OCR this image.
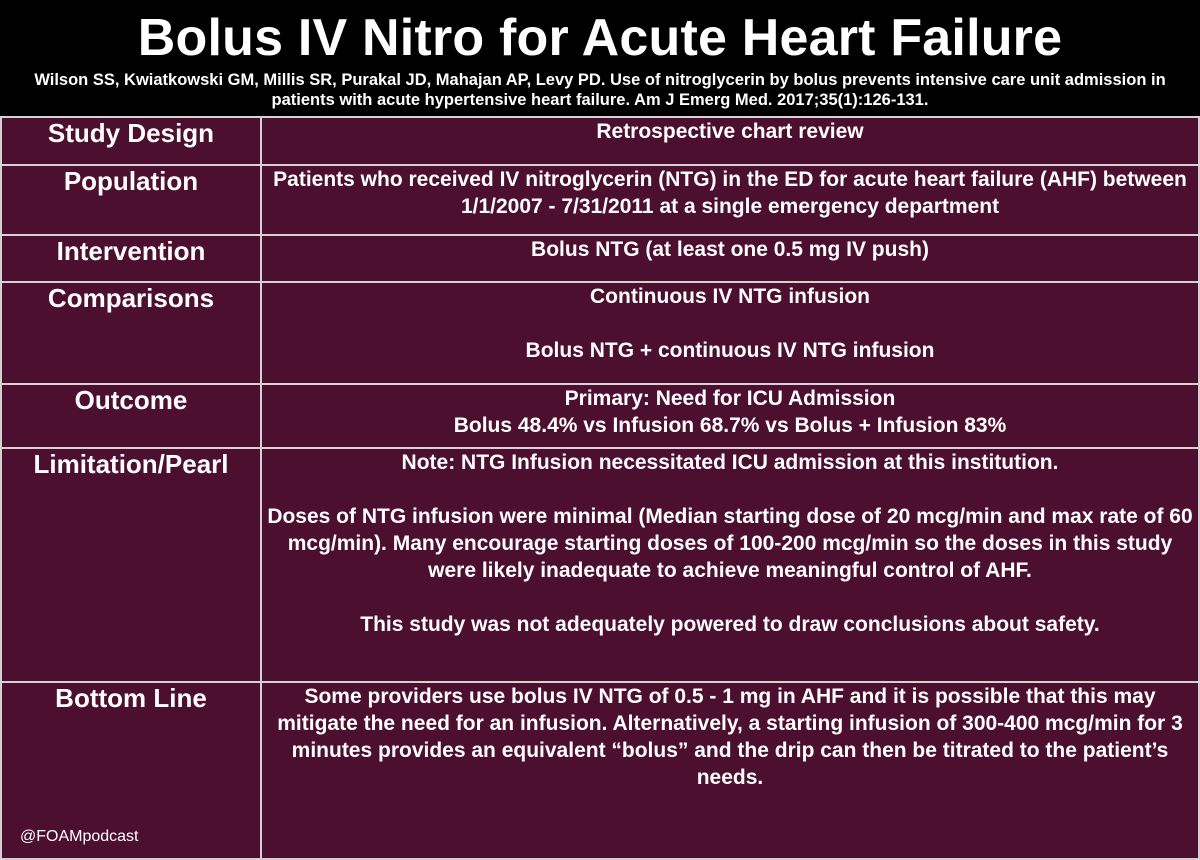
Bolus IV Nitro for Acute Heart Failure
Wilson SS, Kwiatkowski GM, Millis SR, Purakal JD, Mahajan AP, Levy PD. Use of nitroglycerin by bolus prevents intensive care unit admission in patients with acute hypertensive heart failure. Am J Emerg Med. 2017;35(1):126-131.
Study Design	Retrospective chart review

Population	Patients who received IV nitroglycerin (NTG) in the ED for acute heart failure (AHF) between 1/1/2007 - 7/31/2011 at a single emergency department

Intervention	Bolus NTG (at least one 0.5 mg IV push)

Comparisons	Continuous IV NTG infusion

Bolus NTG + continuous IV NTG infusion

Outcome	Primary: Need for ICU Admission

Bolus 48.4% vs Infusion 68.7% vs Bolus + Infusion 83%

Limitation/Pearl	Note: NTG Infusion necessitated ICU admission at this institution.

Doses of NTG infusion were minimal (Median starting dose of 20 mcg/min and max rate of 60 mcg/min). Many encourage starting doses of 100-200 mcg/min so the doses in this study were likely inadequate to achieve meaningful control of AHF.

This study was not adequately powered to draw conclusions about safety.

Bottom Line	Some providers use bolus IV NTG of 0.5 - 1 mg in AHF and it is possible that this may mitigate the need for an infusion. Alternatively, a starting infusion of 300-400 mcg/min for 3 minutes provides an equivalent “bolus” and the drip can then be titrated to the patient’s needs.

@FOAMpodcast
